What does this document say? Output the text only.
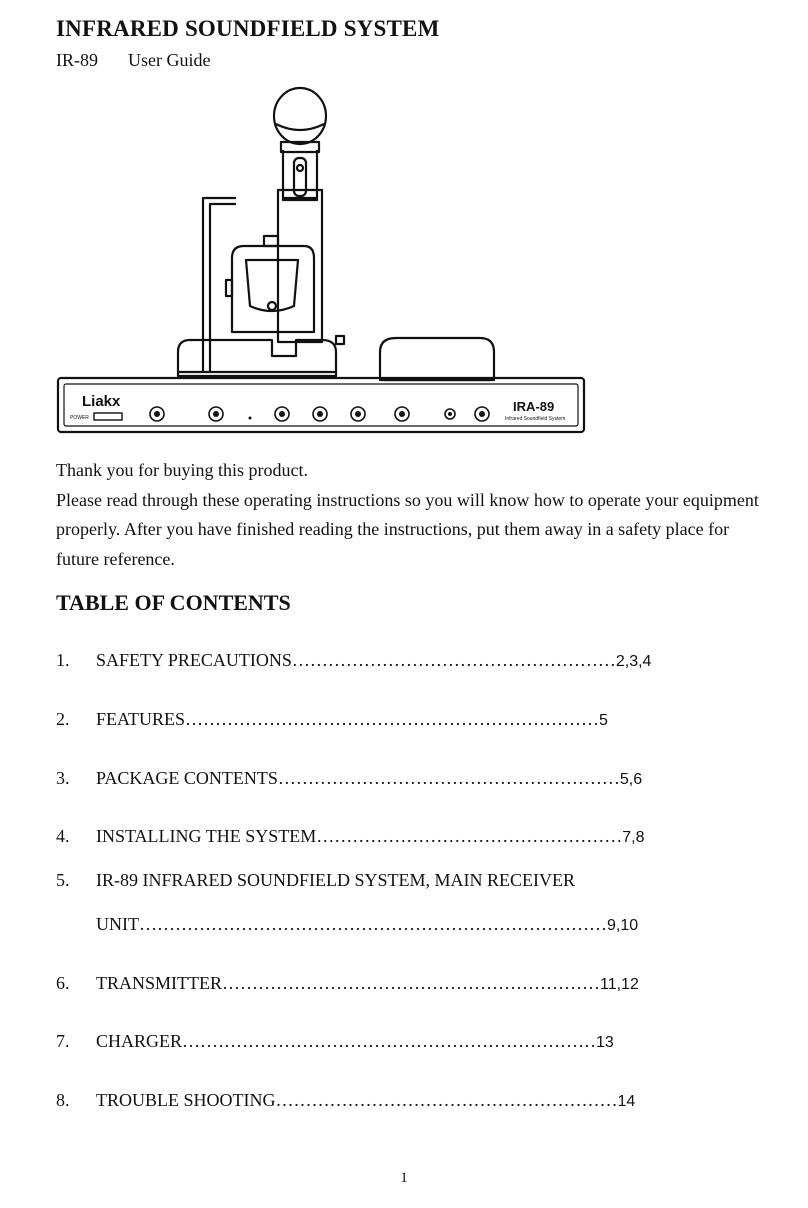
INFRARED SOUNDFIELD SYSTEM
IR-89 User Guide
Liakx
POWER
IRA-89
Infrared Soundfield System

Thank you for buying this product.

Please read through these operating instructions so you will know how to operate your equipment properly. After you have finished reading the instructions, put them away in a safety place for future reference.

TABLE OF CONTENTS
1. SAFETY PRECAUTIONS………………………………………………2,3,4
2. FEATURES……………………………………………………………5
3. PACKAGE CONTENTS…………………………………………………5,6
4. INSTALLING THE SYSTEM……………………………………………7,8
5. IR-89 INFRARED SOUNDFIELD SYSTEM, MAIN RECEIVER
UNIT……………………………………………………………………9,10
6. TRANSMITTER………………………………………………………11,12
7. CHARGER……………………………………………………………13
8. TROUBLE SHOOTING…………………………………………………14
1
